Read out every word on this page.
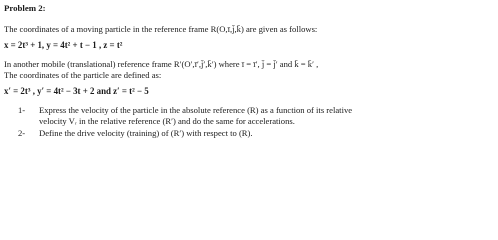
Problem 2:
The coordinates of a moving particle in the reference frame R(O,ī,j̄,k̄) are given as follows:
x = 2t³ + 1, y = 4t² + t − 1 , z = t²
In another mobile (translational) reference frame R′(O′,ī′,j̄′,k̄′) where ī = ī′, j̄ = j̄′ and k̄ = k̄′ ,
The coordinates of the particle are defined as:
x′ = 2t³ , y′ = 4t² − 3t + 2 and z′ = t² − 5
1-	Express the velocity of the particle in the absolute reference (R) as a function of its relative
velocity Vᵣ in the relative reference (R′) and do the same for accelerations.
2-	Define the drive velocity (training) of (R′) with respect to (R).
